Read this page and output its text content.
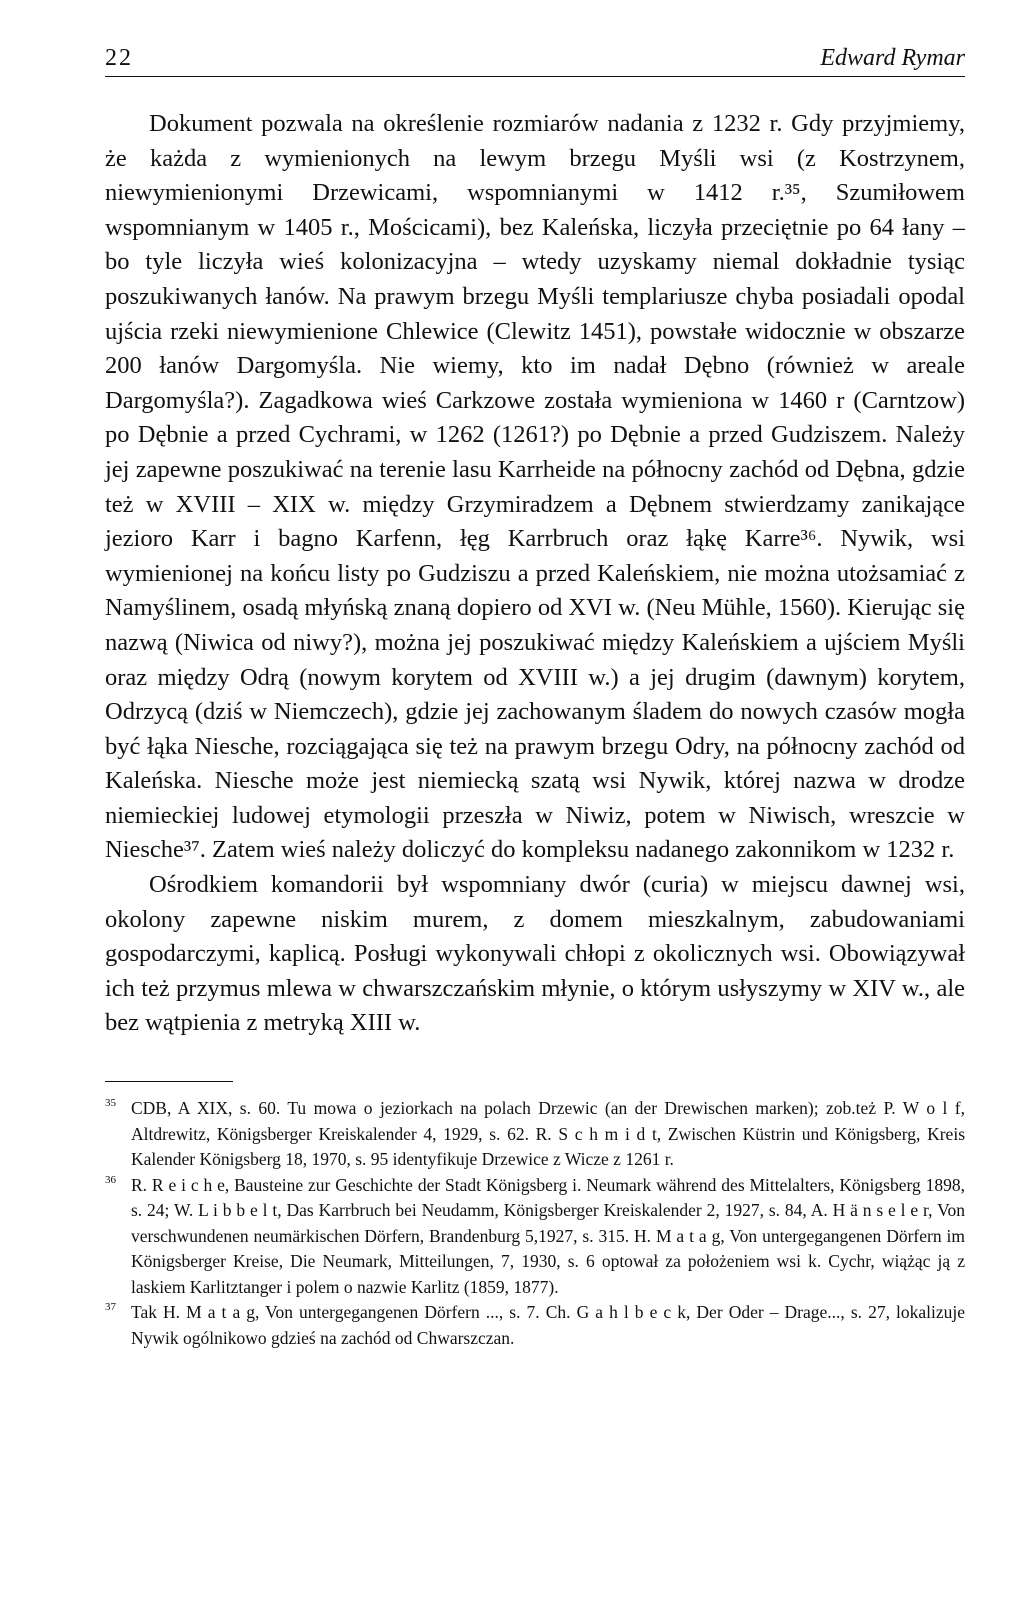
22	Edward Rymar

Dokument pozwala na określenie rozmiarów nadania z 1232 r. Gdy przyjmiemy, że każda z wymienionych na lewym brzegu Myśli wsi (z Kostrzynem, niewymienionymi Drzewicami, wspomnianymi w 1412 r.³⁵, Szumiłowem wspomnianym w 1405 r., Mościcami), bez Kaleńska, liczyła przeciętnie po 64 łany – bo tyle liczyła wieś kolonizacyjna – wtedy uzyskamy niemal dokładnie tysiąc poszukiwanych łanów. Na prawym brzegu Myśli templariusze chyba posiadali opodal ujścia rzeki niewymienione Chlewice (Clewitz 1451), powstałe widocznie w obszarze 200 łanów Dargomyśla. Nie wiemy, kto im nadał Dębno (również w areale Dargomyśla?). Zagadkowa wieś Carkzowe została wymieniona w 1460 r (Carntzow) po Dębnie a przed Cychrami, w 1262 (1261?) po Dębnie a przed Gudziszem. Należy jej zapewne poszukiwać na terenie lasu Karrheide na północny zachód od Dębna, gdzie też w XVIII – XIX w. między Grzymiradzem a Dębnem stwierdzamy zanikające jezioro Karr i bagno Karfenn, łęg Karrbruch oraz łąkę Karre³⁶. Nywik, wsi wymienionej na końcu listy po Gudziszu a przed Kaleńskiem, nie można utożsamiać z Namyślinem, osadą młyńską znaną dopiero od XVI w. (Neu Mühle, 1560). Kierując się nazwą (Niwica od niwy?), można jej poszukiwać między Kaleńskiem a ujściem Myśli oraz między Odrą (nowym korytem od XVIII w.) a jej drugim (dawnym) korytem, Odrzycą (dziś w Niemczech), gdzie jej zachowanym śladem do nowych czasów mogła być łąka Niesche, rozciągająca się też na prawym brzegu Odry, na północny zachód od Kaleńska. Niesche może jest niemiecką szatą wsi Nywik, której nazwa w drodze niemieckiej ludowej etymologii przeszła w Niwiz, potem w Niwisch, wreszcie w Niesche³⁷. Zatem wieś należy doliczyć do kompleksu nadanego zakonnikom w 1232 r.

Ośrodkiem komandorii był wspomniany dwór (curia) w miejscu dawnej wsi, okolony zapewne niskim murem, z domem mieszkalnym, zabudowaniami gospodarczymi, kaplicą. Posługi wykonywali chłopi z okolicznych wsi. Obowiązywał ich też przymus mlewa w chwarszczańskim młynie, o którym usłyszymy w XIV w., ale bez wątpienia z metryką XIII w.

35 CDB, A XIX, s. 60. Tu mowa o jeziorkach na polach Drzewic (an der Drewischen marken); zob.też P. W o l f, Altdrewitz, Königsberger Kreiskalender 4, 1929, s. 62. R. S c h m i d t, Zwischen Küstrin und Königsberg, Kreis Kalender Königsberg 18, 1970, s. 95 identyfikuje Drzewice z Wicze z 1261 r.
36 R. R e i c h e, Bausteine zur Geschichte der Stadt Königsberg i. Neumark während des Mittelalters, Königsberg 1898, s. 24; W. L i b b e l t, Das Karrbruch bei Neudamm, Königsberger Kreiskalender 2, 1927, s. 84, A. H ä n s e l e r, Von verschwundenen neumärkischen Dörfern, Brandenburg 5,1927, s. 315. H. M a t a g, Von untergegangenen Dörfern im Königsberger Kreise, Die Neumark, Mitteilungen, 7, 1930, s. 6 optował za położeniem wsi k. Cychr, wiążąc ją z laskiem Karlitztanger i polem o nazwie Karlitz (1859, 1877).
37 Tak H. M a t a g, Von untergegangenen Dörfern ..., s. 7. Ch. G a h l b e c k, Der Oder – Drage..., s. 27, lokalizuje Nywik ogólnikowo gdzieś na zachód od Chwarszczan.
